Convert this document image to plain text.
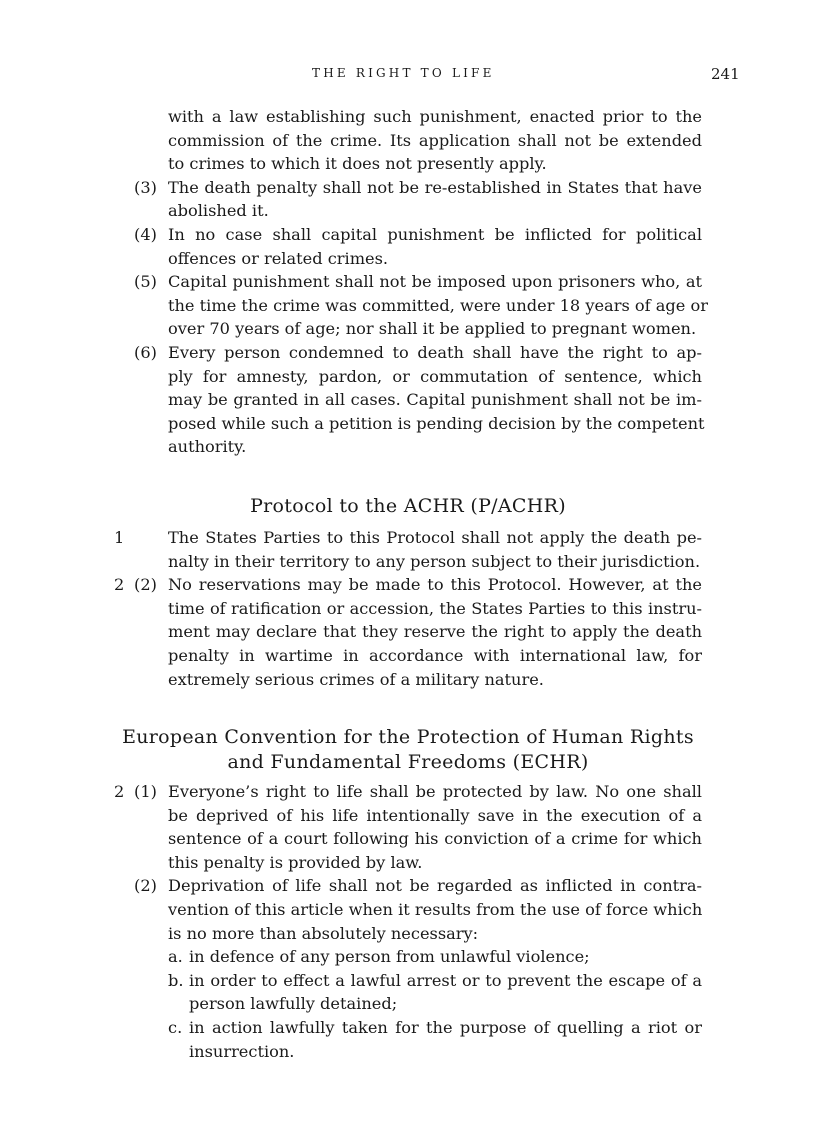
THE RIGHT TO LIFE	241
with a law establishing such punishment, enacted prior to the
commission of the crime. Its application shall not be extended
to crimes to which it does not presently apply.
(3) The death penalty shall not be re-established in States that have
abolished it.
(4) In no case shall capital punishment be inflicted for political
offences or related crimes.
(5) Capital punishment shall not be imposed upon prisoners who, at
the time the crime was committed, were under 18 years of age or
over 70 years of age; nor shall it be applied to pregnant women.
(6) Every person condemned to death shall have the right to ap-
ply for amnesty, pardon, or commutation of sentence, which
may be granted in all cases. Capital punishment shall not be im-
posed while such a petition is pending decision by the competent
authority.
Protocol to the ACHR (P/ACHR)
1	The States Parties to this Protocol shall not apply the death pe-
nalty in their territory to any person subject to their jurisdiction.
2 (2) No reservations may be made to this Protocol. However, at the
time of ratification or accession, the States Parties to this instru-
ment may declare that they reserve the right to apply the death
penalty in wartime in accordance with international law, for
extremely serious crimes of a military nature.
European Convention for the Protection of Human Rights
and Fundamental Freedoms (ECHR)
2 (1) Everyone’s right to life shall be protected by law. No one shall
be deprived of his life intentionally save in the execution of a
sentence of a court following his conviction of a crime for which
this penalty is provided by law.
(2) Deprivation of life shall not be regarded as inflicted in contra-
vention of this article when it results from the use of force which
is no more than absolutely necessary:
a. in defence of any person from unlawful violence;
b. in order to effect a lawful arrest or to prevent the escape of a
person lawfully detained;
c. in action lawfully taken for the purpose of quelling a riot or
insurrection.
